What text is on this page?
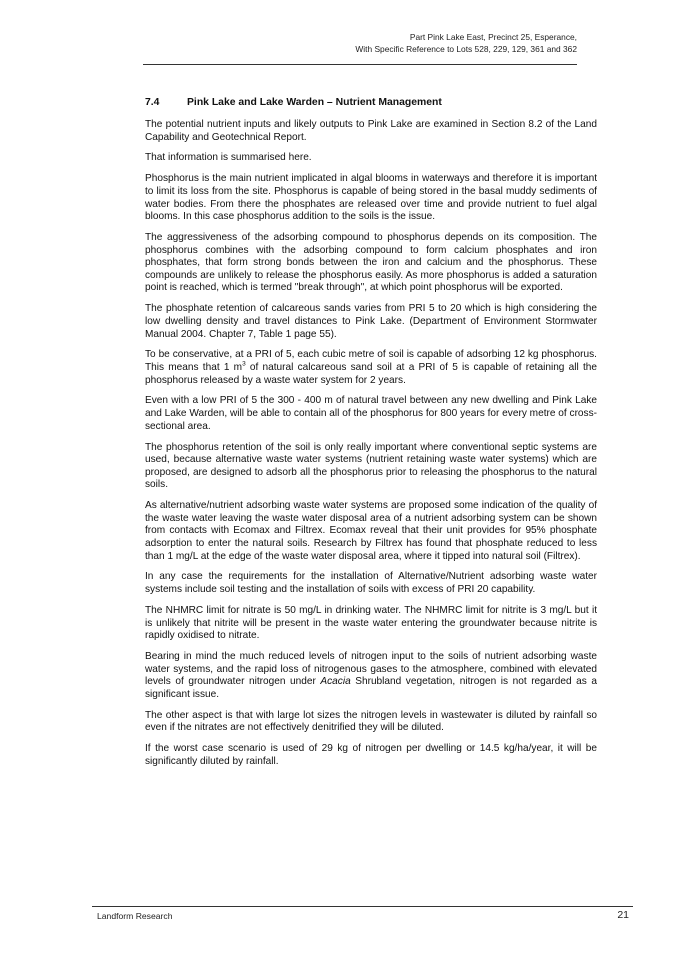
Part Pink Lake East, Precinct 25, Esperance,
With Specific Reference to Lots 528, 229, 129, 361 and 362
7.4	Pink Lake and Lake Warden – Nutrient Management

The potential nutrient inputs and likely outputs to Pink Lake are examined in Section 8.2 of the Land Capability and Geotechnical Report.

That information is summarised here.

Phosphorus is the main nutrient implicated in algal blooms in waterways and therefore it is important to limit its loss from the site. Phosphorus is capable of being stored in the basal muddy sediments of water bodies. From there the phosphates are released over time and provide nutrient to fuel algal blooms. In this case phosphorus addition to the soils is the issue.

The aggressiveness of the adsorbing compound to phosphorus depends on its composition. The phosphorus combines with the adsorbing compound to form calcium phosphates and iron phosphates, that form strong bonds between the iron and calcium and the phosphorus. These compounds are unlikely to release the phosphorus easily. As more phosphorus is added a saturation point is reached, which is termed "break through", at which point phosphorus will be exported.

The phosphate retention of calcareous sands varies from PRI 5 to 20 which is high considering the low dwelling density and travel distances to Pink Lake. (Department of Environment Stormwater Manual 2004. Chapter 7, Table 1 page 55).

To be conservative, at a PRI of 5, each cubic metre of soil is capable of adsorbing 12 kg phosphorus. This means that 1 $m^3$ of natural calcareous sand soil at a PRI of 5 is capable of retaining all the phosphorus released by a waste water system for 2 years.

Even with a low PRI of 5 the 300 - 400 m of natural travel between any new dwelling and Pink Lake and Lake Warden, will be able to contain all of the phosphorus for 800 years for every metre of cross-sectional area.

The phosphorus retention of the soil is only really important where conventional septic systems are used, because alternative waste water systems (nutrient retaining waste water systems) which are proposed, are designed to adsorb all the phosphorus prior to releasing the phosphorus to the natural soils.

As alternative/nutrient adsorbing waste water systems are proposed some indication of the quality of the waste water leaving the waste water disposal area of a nutrient adsorbing system can be shown from contacts with Ecomax and Filtrex. Ecomax reveal that their unit provides for 95% phosphate adsorption to enter the natural soils. Research by Filtrex has found that phosphate reduced to less than 1 mg/L at the edge of the waste water disposal area, where it tipped into natural soil (Filtrex).

In any case the requirements for the installation of Alternative/Nutrient adsorbing waste water systems include soil testing and the installation of soils with excess of PRI 20 capability.

The NHMRC limit for nitrate is 50 mg/L in drinking water. The NHMRC limit for nitrite is 3 mg/L but it is unlikely that nitrite will be present in the waste water entering the groundwater because nitrite is rapidly oxidised to nitrate.

Bearing in mind the much reduced levels of nitrogen input to the soils of nutrient adsorbing waste water systems, and the rapid loss of nitrogenous gases to the atmosphere, combined with elevated levels of groundwater nitrogen under Acacia Shrubland vegetation, nitrogen is not regarded as a significant issue.

The other aspect is that with large lot sizes the nitrogen levels in wastewater is diluted by rainfall so even if the nitrates are not effectively denitrified they will be diluted.

If the worst case scenario is used of 29 kg of nitrogen per dwelling or 14.5 kg/ha/year, it will be significantly diluted by rainfall.

Landform Research	21
